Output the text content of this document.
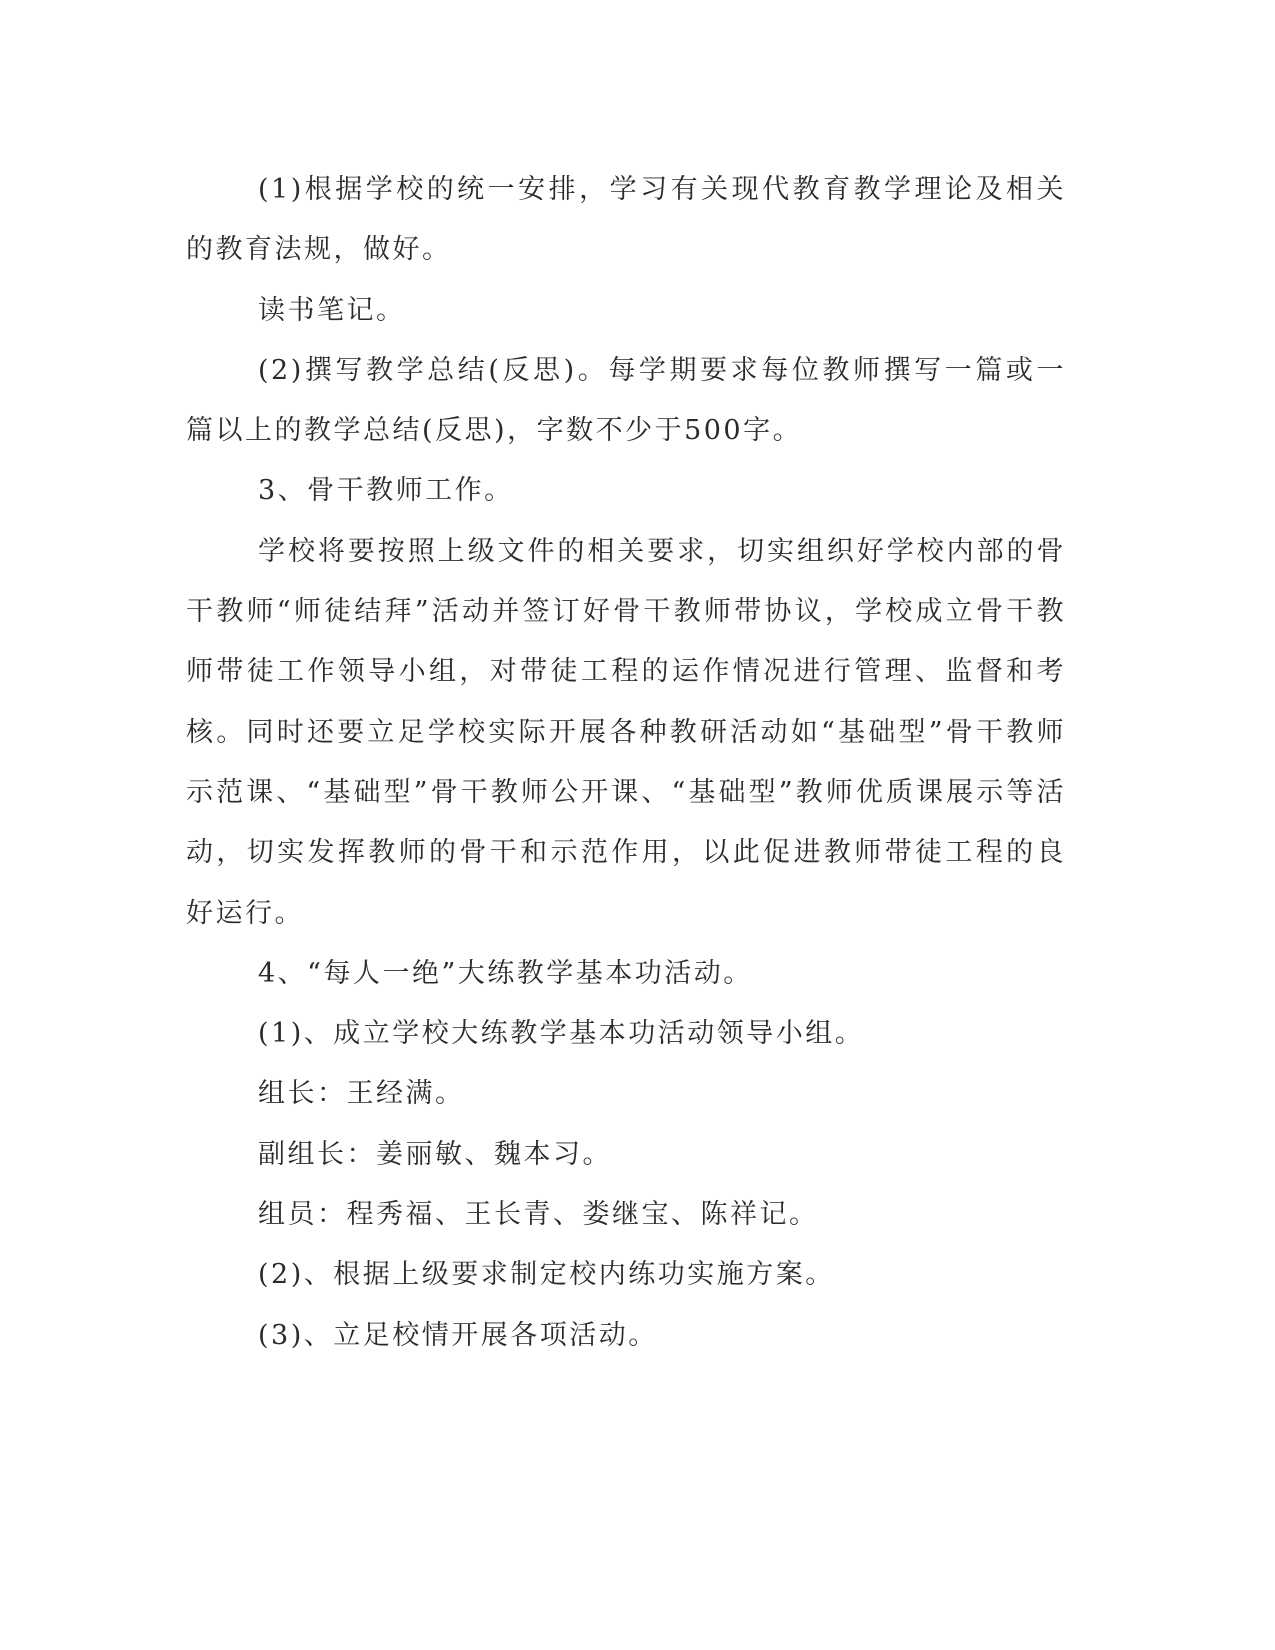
(1)根据学校的统一安排，学习有关现代教育教学理论及相关的教育法规，做好。

读书笔记。

(2)撰写教学总结(反思)。每学期要求每位教师撰写一篇或一篇以上的教学总结(反思)，字数不少于500字。

3、骨干教师工作。

学校将要按照上级文件的相关要求，切实组织好学校内部的骨干教师“师徒结拜”活动并签订好骨干教师带协议，学校成立骨干教师带徒工作领导小组，对带徒工程的运作情况进行管理、监督和考核。同时还要立足学校实际开展各种教研活动如“基础型”骨干教师示范课、“基础型”骨干教师公开课、“基础型”教师优质课展示等活动，切实发挥教师的骨干和示范作用，以此促进教师带徒工程的良好运行。

4、“每人一绝”大练教学基本功活动。

(1)、成立学校大练教学基本功活动领导小组。

组长：王经满。

副组长：姜丽敏、魏本习。

组员：程秀福、王长青、娄继宝、陈祥记。

(2)、根据上级要求制定校内练功实施方案。

(3)、立足校情开展各项活动。
